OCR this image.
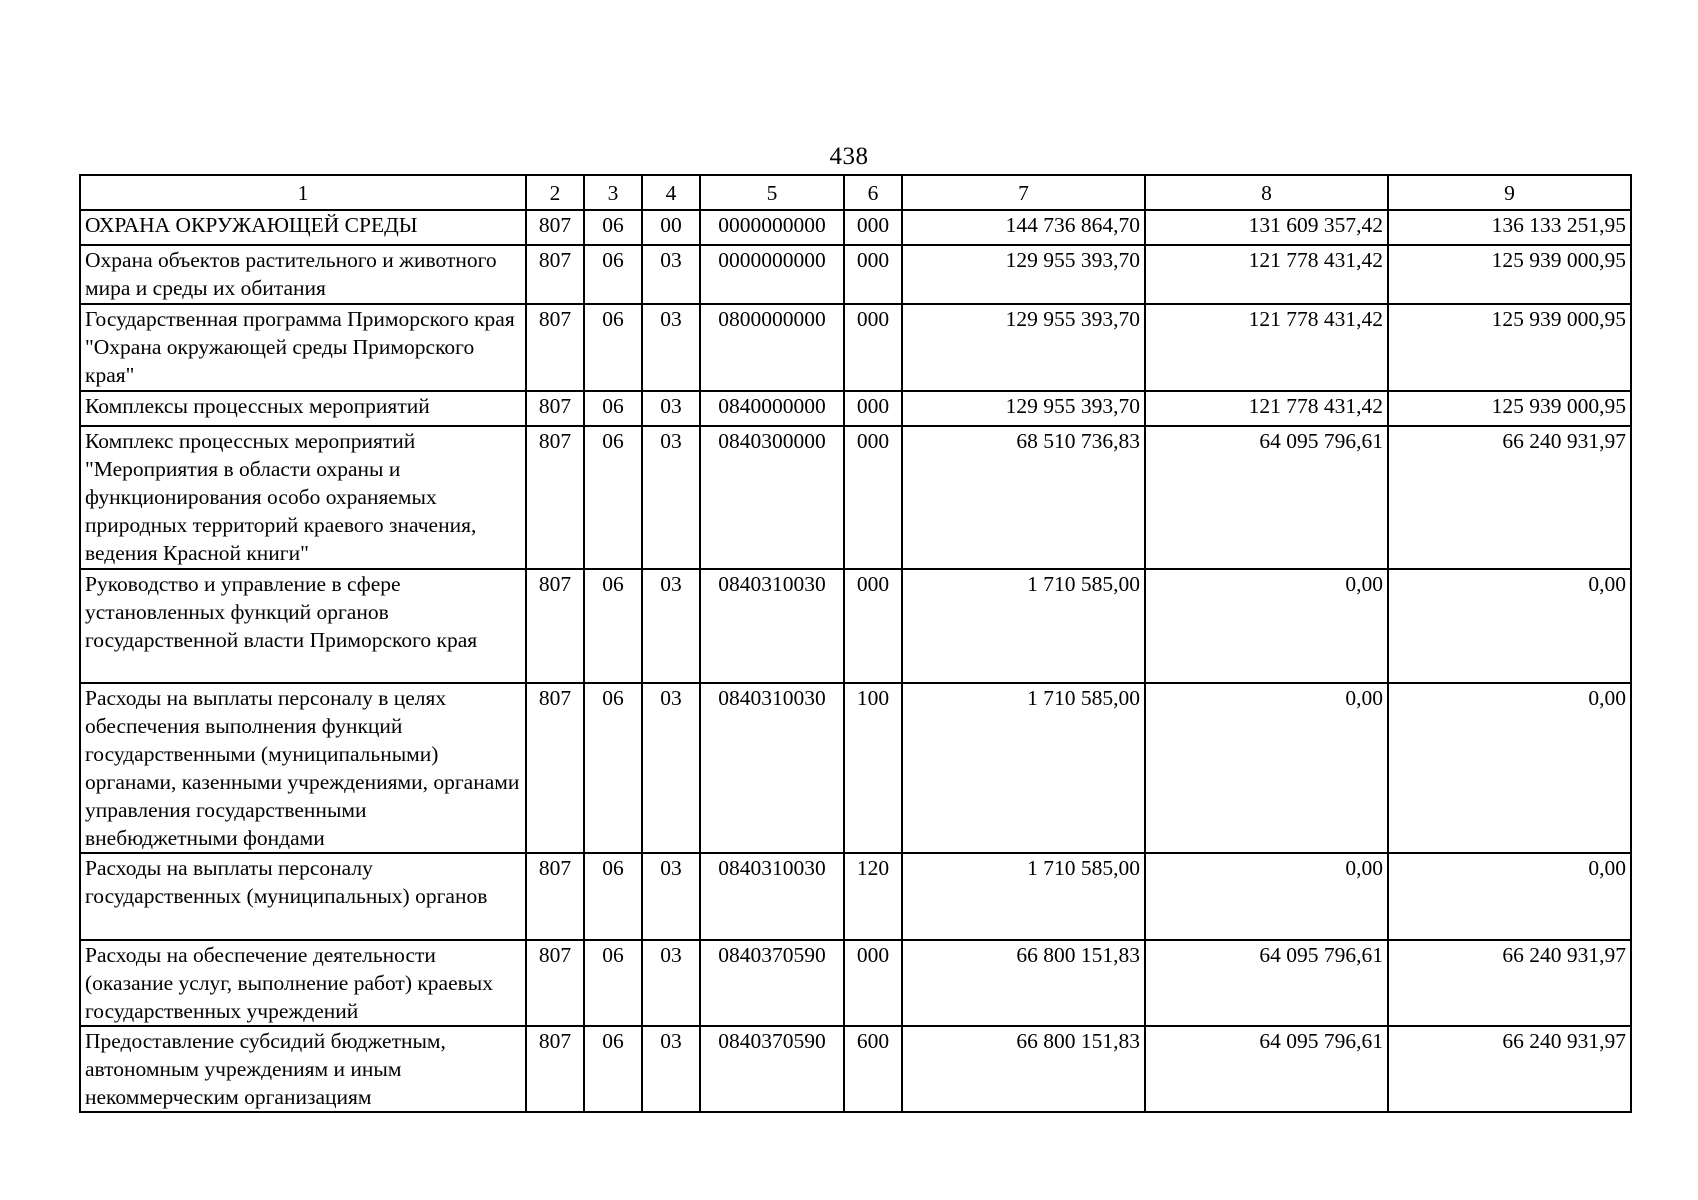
438
1	2	3	4	5	6	7	8	9
ОХРАНА ОКРУЖАЮЩЕЙ СРЕДЫ	807	06	00	0000000000	000	144 736 864,70	131 609 357,42	136 133 251,95
Охрана объектов растительного и животного мира и среды их обитания	807	06	03	0000000000	000	129 955 393,70	121 778 431,42	125 939 000,95
Государственная программа Приморского края "Охрана окружающей среды Приморского края"	807	06	03	0800000000	000	129 955 393,70	121 778 431,42	125 939 000,95
Комплексы процессных мероприятий	807	06	03	0840000000	000	129 955 393,70	121 778 431,42	125 939 000,95
Комплекс процессных мероприятий "Мероприятия в области охраны и функционирования особо охраняемых природных территорий краевого значения, ведения Красной книги"	807	06	03	0840300000	000	68 510 736,83	64 095 796,61	66 240 931,97
Руководство и управление в сфере установленных функций органов государственной власти Приморского края	807	06	03	0840310030	000	1 710 585,00	0,00	0,00
Расходы на выплаты персоналу в целях обеспечения выполнения функций государственными (муниципальными) органами, казенными учреждениями, органами управления государственными внебюджетными фондами	807	06	03	0840310030	100	1 710 585,00	0,00	0,00
Расходы на выплаты персоналу государственных (муниципальных) органов	807	06	03	0840310030	120	1 710 585,00	0,00	0,00
Расходы на обеспечение деятельности (оказание услуг, выполнение работ) краевых государственных учреждений	807	06	03	0840370590	000	66 800 151,83	64 095 796,61	66 240 931,97
Предоставление субсидий бюджетным, автономным учреждениям и иным некоммерческим организациям	807	06	03	0840370590	600	66 800 151,83	64 095 796,61	66 240 931,97
